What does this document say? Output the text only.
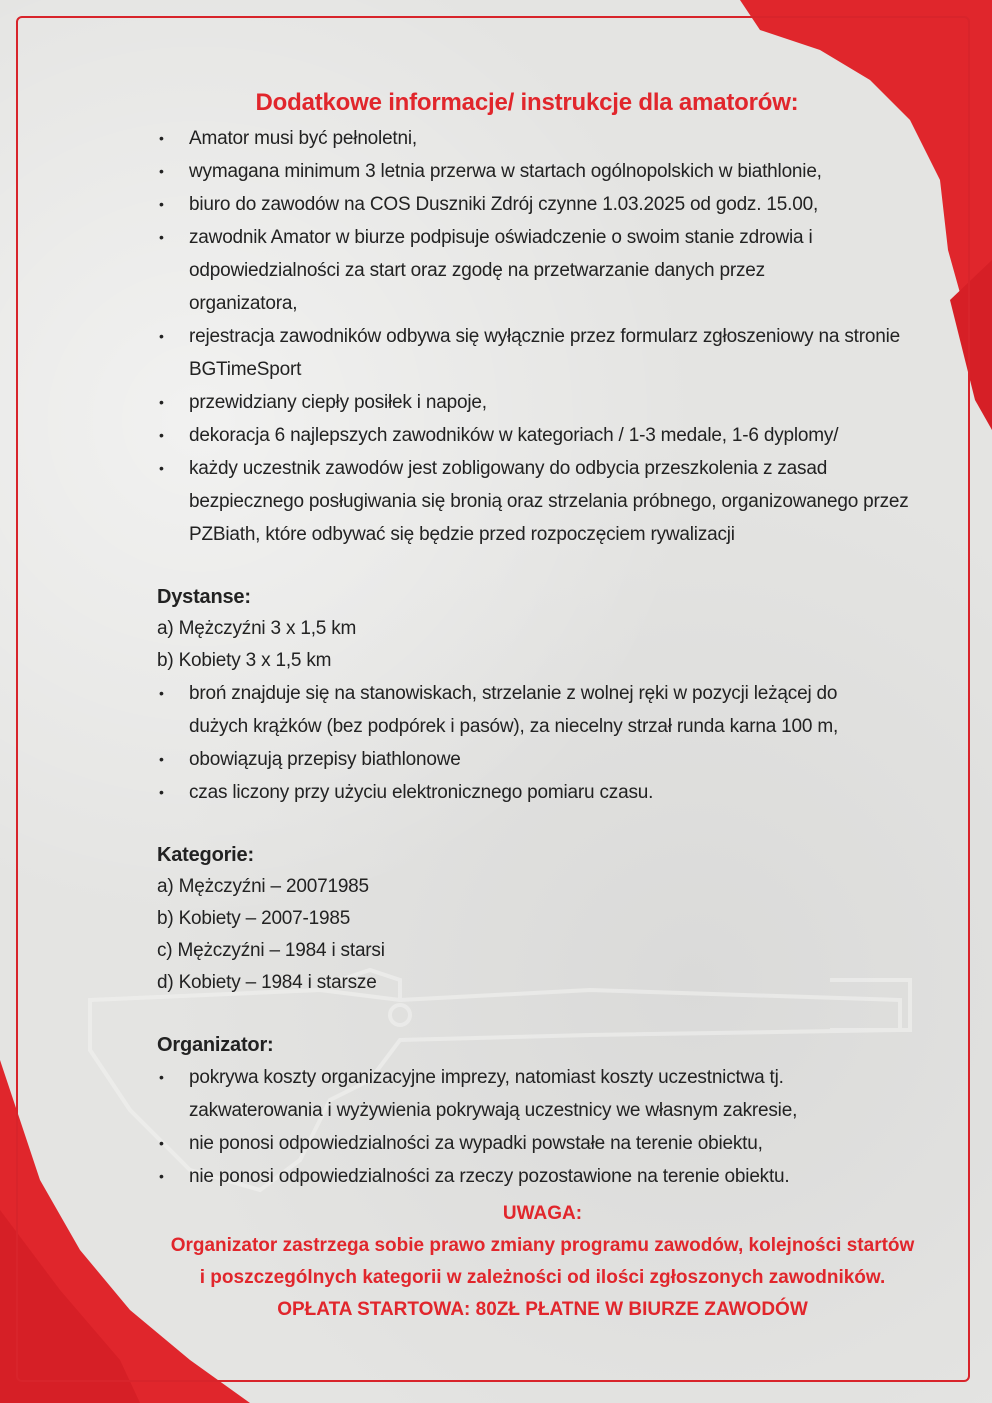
Dodatkowe informacje/ instrukcje dla amatorów:
• Amator musi być pełnoletni,
• wymagana minimum 3 letnia przerwa w startach ogólnopolskich w biathlonie,
• biuro do zawodów na COS Duszniki Zdrój czynne 1.03.2025 od godz. 15.00,
• zawodnik Amator w biurze podpisuje oświadczenie o swoim stanie zdrowia i odpowiedzialności za start oraz zgodę na przetwarzanie danych przez organizatora,
• rejestracja zawodników odbywa się wyłącznie przez formularz zgłoszeniowy na stronie BGTimeSport
• przewidziany ciepły posiłek i napoje,
• dekoracja 6 najlepszych zawodników w kategoriach / 1-3 medale, 1-6 dyplomy/
• każdy uczestnik zawodów jest zobligowany do odbycia przeszkolenia z zasad bezpiecznego posługiwania się bronią oraz strzelania próbnego, organizowanego przez PZBiath, które odbywać się będzie przed rozpoczęciem rywalizacji
Dystanse:
a) Mężczyźni 3 x 1,5 km
b) Kobiety 3 x 1,5 km
• broń znajduje się na stanowiskach, strzelanie z wolnej ręki w pozycji leżącej do dużych krążków (bez podpórek i pasów), za niecelny strzał runda karna 100 m,
• obowiązują przepisy biathlonowe
• czas liczony przy użyciu elektronicznego pomiaru czasu.
Kategorie:
a) Mężczyźni – 20071985
b) Kobiety – 2007-1985
c) Mężczyźni – 1984 i starsi
d) Kobiety – 1984 i starsze
Organizator:
• pokrywa koszty organizacyjne imprezy, natomiast koszty uczestnictwa tj. zakwaterowania i wyżywienia pokrywają uczestnicy we własnym zakresie,
• nie ponosi odpowiedzialności za wypadki powstałe na terenie obiektu,
• nie ponosi odpowiedzialności za rzeczy pozostawione na terenie obiektu.
UWAGA:
Organizator zastrzega sobie prawo zmiany programu zawodów, kolejności startów
i poszczególnych kategorii w zależności od ilości zgłoszonych zawodników.
OPŁATA STARTOWA: 80ZŁ PŁATNE W BIURZE ZAWODÓW
